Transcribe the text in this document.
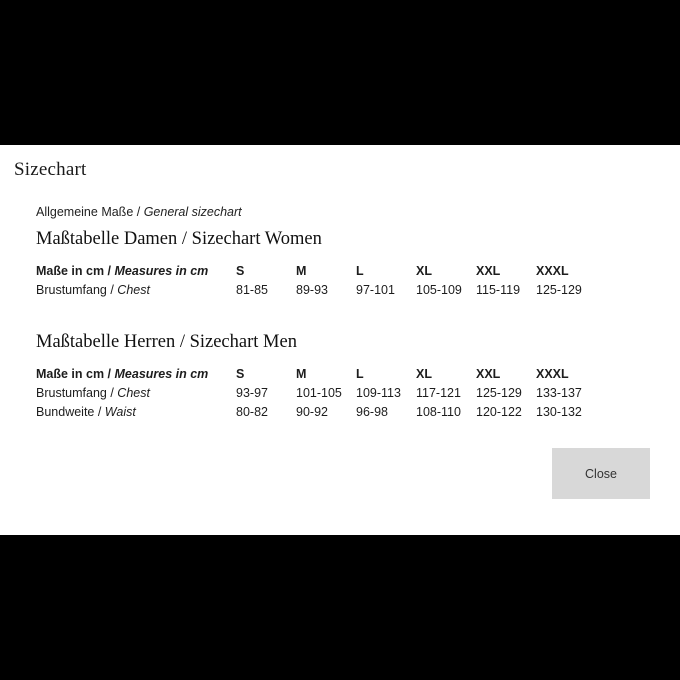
Sizechart

Allgemeine Maße / General sizechart

Maßtabelle Damen / Sizechart Women
Maße in cm / Measures in cm	S	M	L	XL	XXL	XXXL
Brustumfang / Chest	81-85	89-93	97-101	105-109	115-119	125-129
Maßtabelle Herren / Sizechart Men
Maße in cm / Measures in cm	S	M	L	XL	XXL	XXXL
Brustumfang / Chest	93-97	101-105	109-113	117-121	125-129	133-137
Bundweite / Waist	80-82	90-92	96-98	108-110	120-122	130-132
Close
